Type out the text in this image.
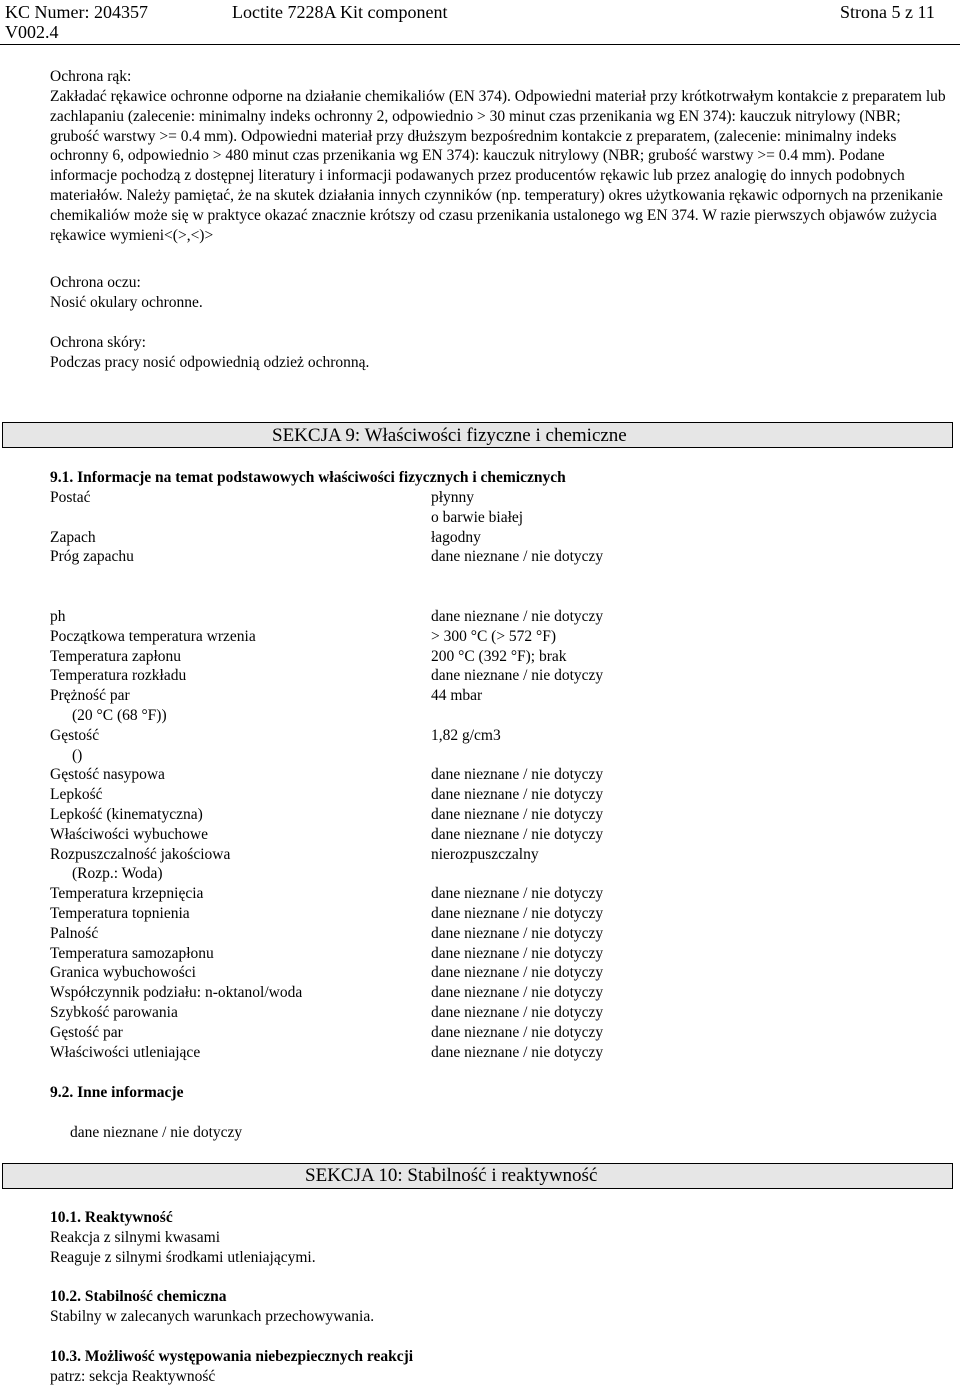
KC Numer: 204357
V002.4
Loctite 7228A Kit component	Strona 5 z 11
Ochrona rąk:
Zakładać rękawice ochronne odporne na działanie chemikaliów (EN 374). Odpowiedni materiał przy krótkotrwałym kontakcie z preparatem lub zachlapaniu (zalecenie: minimalny indeks ochronny 2, odpowiednio > 30 minut czas przenikania wg EN 374): kauczuk nitrylowy (NBR; grubość warstwy >= 0.4 mm). Odpowiedni materiał przy dłuższym bezpośrednim kontakcie z preparatem, (zalecenie: minimalny indeks ochronny 6, odpowiednio > 480 minut czas przenikania wg EN 374): kauczuk nitrylowy (NBR; grubość warstwy >= 0.4 mm). Podane informacje pochodzą z dostępnej literatury i informacji podawanych przez producentów rękawic lub przez analogię do innych podobnych materiałów. Należy pamiętać, że na skutek działania innych czynników (np. temperatury) okres użytkowania rękawic odpornych na przenikanie chemikaliów może się w praktyce okazać znacznie krótszy od czasu przenikania ustalonego wg EN 374. W razie pierwszych objawów zużycia rękawice wymieni<(>,<)>
Ochrona oczu:
Nosić okulary ochronne.
Ochrona skóry:
Podczas pracy nosić odpowiednią odzież ochronną.
SEKCJA 9: Właściwości fizyczne i chemiczne
9.1. Informacje na temat podstawowych właściwości fizycznych i chemicznych
Postać	płynny
o barwie białej
Zapach	łagodny
Próg zapachu	dane nieznane / nie dotyczy
ph	dane nieznane / nie dotyczy
Początkowa temperatura wrzenia	> 300 °C (> 572 °F)
Temperatura zapłonu	200 °C (392 °F); brak
Temperatura rozkładu	dane nieznane / nie dotyczy
Prężność par	44 mbar
(20 °C (68 °F))
Gęstość	1,82 g/cm3
()
Gęstość nasypowa	dane nieznane / nie dotyczy
Lepkość	dane nieznane / nie dotyczy
Lepkość (kinematyczna)	dane nieznane / nie dotyczy
Właściwości wybuchowe	dane nieznane / nie dotyczy
Rozpuszczalność jakościowa	nierozpuszczalny
(Rozp.: Woda)
Temperatura krzepnięcia	dane nieznane / nie dotyczy
Temperatura topnienia	dane nieznane / nie dotyczy
Palność	dane nieznane / nie dotyczy
Temperatura samozapłonu	dane nieznane / nie dotyczy
Granica wybuchowości	dane nieznane / nie dotyczy
Współczynnik podziału: n-oktanol/woda	dane nieznane / nie dotyczy
Szybkość parowania	dane nieznane / nie dotyczy
Gęstość par	dane nieznane / nie dotyczy
Właściwości utleniające	dane nieznane / nie dotyczy
9.2. Inne informacje
dane nieznane / nie dotyczy
SEKCJA 10: Stabilność i reaktywność
10.1. Reaktywność
Reakcja z silnymi kwasami
Reaguje z silnymi środkami utleniającymi.
10.2. Stabilność chemiczna
Stabilny w zalecanych warunkach przechowywania.
10.3. Możliwość występowania niebezpiecznych reakcji
patrz: sekcja Reaktywność
